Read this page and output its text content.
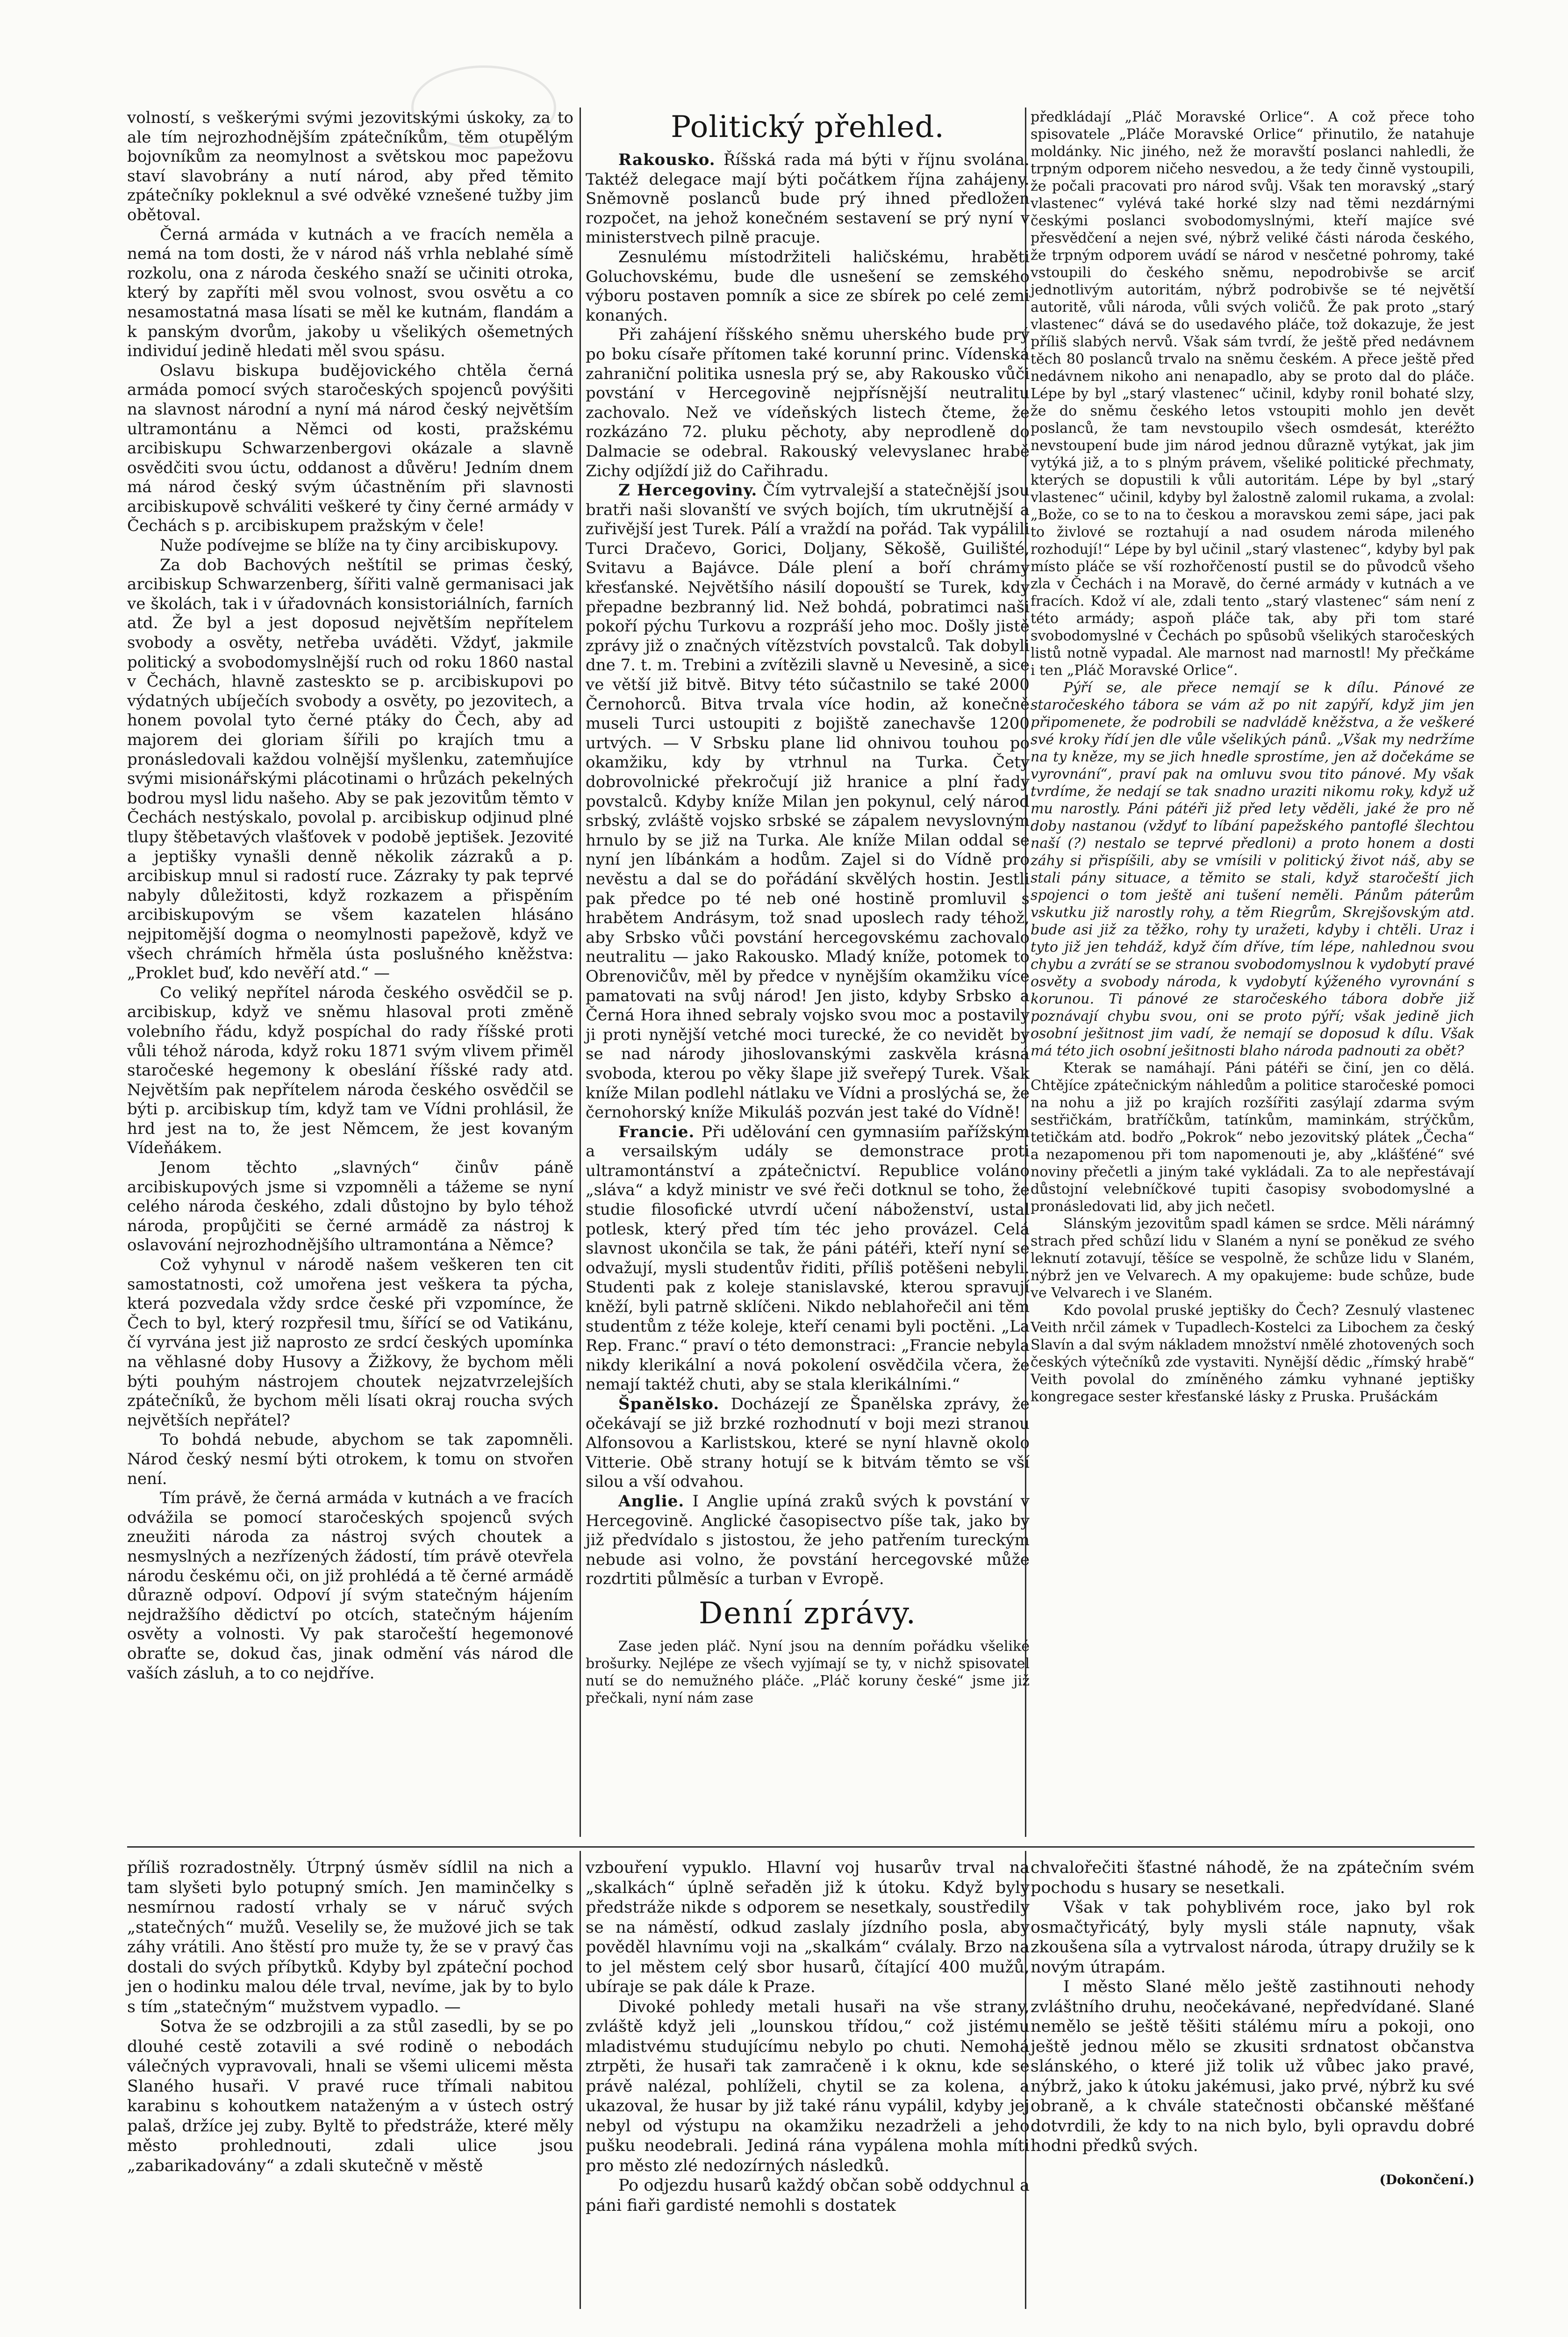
volností, s veškerými svými jezovitskými úskoky, za to ale tím nejrozhodnějším zpátečníkům, těm otupělým bojovníkům za neomylnost a světskou moc papežovu staví slavobrány a nutí národ, aby před těmito zpátečníky pokleknul a své odvěké vznešené tužby jim obětoval.

Černá armáda v kutnách a ve fracích neměla a nemá na tom dosti, že v národ náš vrhla neblahé símě rozkolu, ona z národa českého snaží se učiniti otroka, který by zapříti měl svou volnost, svou osvětu a co nesamostatná masa lísati se měl ke kutnám, flandám a k panským dvorům, jakoby u všelikých ošemetných individuí jedině hledati měl svou spásu.

Oslavu biskupa budějovického chtěla černá armáda pomocí svých staročeských spojenců povýšiti na slavnost národní a nyní má národ český největším ultramontánu a Němci od kosti, pražskému arcibiskupu Schwarzenbergovi okázale a slavně osvědčiti svou úctu, oddanost a důvěru! Jedním dnem má národ český svým účastněním při slavnosti arcibiskupově schváliti veškeré ty činy černé armády v Čechách s p. arcibiskupem pražským v čele!

Nuže podívejme se blíže na ty činy arcibiskupovy.

Za dob Bachových neštítil se primas český, arcibiskup Schwarzenberg, šířiti valně germanisaci jak ve školách, tak i v úřadovnách konsistoriálních, farních atd. Že byl a jest doposud největším nepřítelem svobody a osvěty, netřeba uváděti. Vždyť, jakmile politický a svobodomyslnější ruch od roku 1860 nastal v Čechách, hlavně zasteskto se p. arcibiskupovi po výdatných ubíječích svobody a osvěty, po jezovitech, a honem povolal tyto černé ptáky do Čech, aby ad majorem dei gloriam šířili po krajích tmu a pronásledovali každou volnější myšlenku, zatemňujíce svými misionářskými plácotinami o hrůzách pekelných bodrou mysl lidu našeho. Aby se pak jezovitům těmto v Čechách nestýskalo, povolal p. arcibiskup odjinud plné tlupy štěbetavých vlašťovek v podobě jeptišek. Jezovité a jeptišky vynašli denně několik zázraků a p. arcibiskup mnul si radostí ruce. Zázraky ty pak teprvé nabyly důležitosti, když rozkazem a přispěním arcibiskupovým se všem kazatelen hlásáno nejpitomější dogma o neomylnosti papežově, když ve všech chrámích hřměla ústa poslušného kněžstva: „Proklet buď, kdo nevěří atd.“ —

Co veliký nepřítel národa českého osvědčil se p. arcibiskup, když ve sněmu hlasoval proti změně volebního řádu, když pospíchal do rady říšské proti vůli téhož národa, když roku 1871 svým vlivem přiměl staročeské hegemony k obeslání říšské rady atd. Největším pak nepřítelem národa českého osvědčil se býti p. arcibiskup tím, když tam ve Vídni prohlásil, že hrd jest na to, že jest Němcem, že jest kovaným Vídeňákem.

Jenom těchto „slavných“ činův páně arcibiskupových jsme si vzpomněli a tážeme se nyní celého národa českého, zdali důstojno by bylo téhož národa, propůjčiti se černé armádě za nástroj k oslavování nejrozhodnějšího ultramontána a Němce?

Což vyhynul v národě našem veškeren ten cit samostatnosti, což umořena jest veškera ta pýcha, která pozvedala vždy srdce české při vzpomínce, že Čech to byl, který rozpřesil tmu, šířící se od Vatikánu, čí vyrvána jest již naprosto ze srdcí českých upomínka na věhlasné doby Husovy a Žižkovy, že bychom měli býti pouhým nástrojem choutek nejzatvrzelejších zpátečníků, že bychom měli lísati okraj roucha svých největších nepřátel?

To bohdá nebude, abychom se tak zapomněli. Národ český nesmí býti otrokem, k tomu on stvořen není.

Tím právě, že černá armáda v kutnách a ve fracích odvážila se pomocí staročeských spojenců svých zneužiti národa za nástroj svých choutek a nesmyslných a nezřízených žádostí, tím právě otevřela národu českému oči, on již prohlédá a tě černé armádě důrazně odpoví. Odpoví jí svým statečným hájením nejdražšího dědictví po otcích, statečným hájením osvěty a volnosti. Vy pak staročeští hegemonové obraťte se, dokud čas, jinak odmění vás národ dle vaších zásluh, a to co nejdříve.

Politický přehled.

Rakousko. Říšská rada má býti v říjnu svolána. Taktéž delegace mají býti počátkem října zahájeny. Sněmovně poslanců bude prý ihned předložen rozpočet, na jehož konečném sestavení se prý nyní v ministerstvech pilně pracuje.

Zesnulému místodržiteli haličskému, hraběti Goluchovskému, bude dle usnešení se zemského výboru postaven pomník a sice ze sbírek po celé zemi konaných.

Při zahájení říšského sněmu uherského bude prý po boku císaře přítomen také korunní princ. Vídenská zahraniční politika usnesla prý se, aby Rakousko vůči povstání v Hercegovině nejpřísnější neutralitu zachovalo. Než ve vídeňských listech čteme, že rozkázáno 72. pluku pěchoty, aby neprodleně do Dalmacie se odebral. Rakouský velevyslanec hrabě Zichy odjíždí již do Cařihradu.

Z Hercegoviny. Čím vytrvalejší a statečnější jsou bratři naši slovanští ve svých bojích, tím ukrutnější a zuřivější jest Turek. Pálí a vraždí na pořád. Tak vypálili Turci Dračevo, Gorici, Doljany, Sěkošě, Guilišté, Svitavu a Bajávce. Dále plení a boří chrámy křesťanské. Největšího násilí dopouští se Turek, kdy přepadne bezbranný lid. Než bohdá, pobratimci naši pokoří pýchu Turkovu a rozpráší jeho moc. Došly jistě zprávy již o značných vítězstvích povstalců. Tak dobyli dne 7. t. m. Trebini a zvítězili slavně u Nevesině, a sice ve větší již bitvě. Bitvy této súčastnilo se také 2000 Černohorců. Bitva trvala více hodin, až konečně museli Turci ustoupiti z bojiště zanechavše 1200 urtvých. — V Srbsku plane lid ohnivou touhou po okamžiku, kdy by vtrhnul na Turka. Čety dobrovolnické překročují již hranice a plní řady povstalců. Kdyby kníže Milan jen pokynul, celý národ srbský, zvláště vojsko srbské se zápalem nevyslovným hrnulo by se již na Turka. Ale kníže Milan oddal se nyní jen líbánkám a hodům. Zajel si do Vídně pro nevěstu a dal se do pořádání skvělých hostin. Jestli pak předce po té neb oné hostině promluvil s hrabětem Andrásym, tož snad uposlech rady téhož, aby Srbsko vůči povstání hercegovskému zachovalo neutralitu — jako Rakousko. Mladý kníže, potomek to Obrenovičův, měl by předce v nynějším okamžiku více pamatovati na svůj národ! Jen jisto, kdyby Srbsko a Černá Hora ihned sebraly vojsko svou moc a postavily ji proti nynější vetché moci turecké, že co nevidět by se nad národy jihoslovanskými zaskvěla krásná svoboda, kterou po věky šlape již sveřepý Turek. Však kníže Milan podlehl nátlaku ve Vídni a proslýchá se, že černohorský kníže Mikuláš pozván jest také do Vídně!

Francie. Při udělování cen gymnasiím pařížským a versailským udály se demonstrace proti ultramontánství a zpátečnictví. Republice voláno „sláva“ a když ministr ve své řeči dotknul se toho, že studie filosofické utvrdí učení náboženství, ustal potlesk, který před tím téc jeho provázel. Celá slavnost ukončila se tak, že páni pátéři, kteří nyní se odvažují, mysli studentův řiditi, příliš potěšeni nebyli. Studenti pak z koleje stanislavské, kterou spravují kněží, byli patrně sklíčeni. Nikdo neblahořečil ani těm studentům z téže koleje, kteří cenami byli poctěni. „La Rep. Franc.“ praví o této demonstraci: „Francie nebyla nikdy klerikální a nová pokolení osvědčila včera, že nemají taktéž chuti, aby se stala klerikálními.“

Španělsko. Docházejí ze Španělska zprávy, že očekávají se již brzké rozhodnutí v boji mezi stranou Alfonsovou a Karlistskou, které se nyní hlavně okolo Vitterie. Obě strany hotují se k bitvám těmto se vší silou a vší odvahou.

Anglie. I Anglie upíná zraků svých k povstání v Hercegovině. Anglické časopisectvo píše tak, jako by již předvídalo s jistostou, že jeho patřením tureckým nebude asi volno, že povstání hercegovské může rozdrtiti půlměsíc a turban v Evropě.

Denní zprávy.

Zase jeden pláč. Nyní jsou na denním pořádku všeliké brošurky. Nejlépe ze všech vyjímají se ty, v nichž spisovatel nutí se do nemužného pláče. „Pláč koruny české“ jsme již přečkali, nyní nám zase

předkládají „Pláč Moravské Orlice“. A což přece toho spisovatele „Pláče Moravské Orlice“ přinutilo, že natahuje moldánky. Nic jiného, než že moravští poslanci nahledli, že trpným odporem ničeho nesvedou, a že tedy činně vystoupili, že počali pracovati pro národ svůj. Však ten moravský „starý vlastenec“ vylévá také horké slzy nad těmi nezdárnými českými poslanci svobodomyslnými, kteří majíce své přesvědčení a nejen své, nýbrž veliké části národa českého, že trpným odporem uvádí se národ v nesčetné pohromy, také vstoupili do českého sněmu, nepodrobivše se arciť jednotlivým autoritám, nýbrž podrobivše se té největší autoritě, vůli národa, vůli svých voličů. Že pak proto „starý vlastenec“ dává se do usedavého pláče, tož dokazuje, že jest příliš slabých nervů. Však sám tvrdí, že ještě před nedávnem těch 80 poslanců trvalo na sněmu českém. A přece ještě před nedávnem nikoho ani nenapadlo, aby se proto dal do pláče. Lépe by byl „starý vlastenec“ učinil, kdyby ronil bohaté slzy, že do sněmu českého letos vstoupiti mohlo jen devět poslanců, že tam nevstoupilo všech osmdesát, kteréžto nevstoupení bude jim národ jednou důrazně vytýkat, jak jim vytýká již, a to s plným právem, všeliké politické přechmaty, kterých se dopustili k vůli autoritám. Lépe by byl „starý vlastenec“ učinil, kdyby byl žalostně zalomil rukama, a zvolal: „Bože, co se to na to českou a moravskou zemi sápe, jaci pak to živlové se roztahují a nad osudem národa mileného rozhodují!“ Lépe by byl učinil „starý vlastenec“, kdyby byl pak místo pláče se vší rozhořčeností pustil se do původců všeho zla v Čechách i na Moravě, do černé armády v kutnách a ve fracích. Kdož ví ale, zdali tento „starý vlastenec“ sám není z této armády; aspoň pláče tak, aby při tom staré svobodomyslné v Čechách po spůsobů všelikých staročeských listů notně vypadal. Ale marnost nad marnostl! My přečkáme i ten „Pláč Moravské Orlice“.

Pýří se, ale přece nemají se k dílu. Pánové ze staročeského tábora se vám až po nit zapýří, když jim jen připomenete, že podrobili se nadvládě kněžstva, a že veškeré své kroky řídí jen dle vůle všelikých pánů. „Však my nedržíme na ty kněze, my se jich hnedle sprostíme, jen až dočekáme se vyrovnání“, praví pak na omluvu svou tito pánové. My však tvrdíme, že nedají se tak snadno uraziti nikomu roky, když už mu narostly. Páni pátéři již před lety věděli, jaké že pro ně doby nastanou (vždyť to líbání papežského pantoflé šlechtou naší (?) nestalo se teprvé předloni) a proto honem a dosti záhy si přispíšili, aby se vmísili v politický život náš, aby se stali pány situace, a těmito se stali, když staročeští jich spojenci o tom ještě ani tušení neměli. Pánům páterům vskutku již narostly rohy, a těm Riegrům, Skrejšovským atd. bude asi již za těžko, rohy ty uražeti, kdyby i chtěli. Uraz i tyto již jen tehdáž, když čím dříve, tím lépe, nahlednou svou chybu a zvrátí se se stranou svobodomyslnou k vydobytí pravé osvěty a svobody národa, k vydobytí kýženého vyrovnání s korunou. Ti pánové ze staročeského tábora dobře již poznávají chybu svou, oni se proto pýří; však jedině jich osobní ješitnost jim vadí, že nemají se doposud k dílu. Však má této jich osobní ješitnosti blaho národa padnouti za obět?

Kterak se namáhají. Páni pátéři se činí, jen co dělá. Chtějíce zpátečnickým náhledům a politice staročeské pomoci na nohu a již po krajích rozšířiti zasýlají zdarma svým sestřičkám, bratříčkům, tatínkům, maminkám, strýčkům, tetičkám atd. bodřo „Pokrok“ nebo jezovitský plátek „Čecha“ a nezapomenou při tom napomenouti je, aby „klášťéné“ své noviny přečetli a jiným také vykládali. Za to ale nepřestávají důstojní velebníčkové tupiti časopisy svobodomyslné a pronásledovati lid, aby jich nečetl.

Slánským jezovitům spadl kámen se srdce. Měli nárámný strach před schůzí lidu v Slaném a nyní se poněkud ze svého leknutí zotavují, těšíce se vespolně, že schůze lidu v Slaném, nýbrž jen ve Velvarech. A my opakujeme: bude schůze, bude ve Velvarech i ve Slaném.

Kdo povolal pruské jeptišky do Čech? Zesnulý vlastenec Veith nrčil zámek v Tupadlech-Kostelci za Libochem za český Slavín a dal svým nákladem množství nmělé zhotovených soch českých výtečníků zde vystaviti. Nynější dědic „římský hrabě“ Veith povolal do zmíněného zámku vyhnané jeptišky kongregace sester křesťanské lásky z Pruska. Prušáckám

příliš rozradostněly. Útrpný úsměv sídlil na nich a tam slyšeti bylo potupný smích. Jen maminčelky s nesmírnou radostí vrhaly se v náruč svých „statečných“ mužů. Veselily se, že mužové jich se tak záhy vrátili. Ano štěstí pro muže ty, že se v pravý čas dostali do svých příbytků. Kdyby byl zpáteční pochod jen o hodinku malou déle trval, nevíme, jak by to bylo s tím „statečným“ mužstvem vypadlo. —

Sotva že se odzbrojili a za stůl zasedli, by se po dlouhé cestě zotavili a své rodině o nebodách válečných vypravovali, hnali se všemi ulicemi města Slaného husaři. V pravé ruce třímali nabitou karabinu s kohoutkem nataženým a v ústech ostrý palaš, držíce jej zuby. Byltě to předstráže, které měly město prohlednouti, zdali ulice jsou „zabarikadovány“ a zdali skutečně v městě

vzbouření vypuklo. Hlavní voj husarův trval na „skalkách“ úplně seřaděn již k útoku. Když byly předstráže nikde s odporem se nesetkaly, soustředily se na náměstí, odkud zaslaly jízdního posla, aby pověděl hlavnímu voji na „skalkám“ cválaly. Brzo na to jel městem celý sbor husarů, čítající 400 mužů, ubíraje se pak dále k Praze.

Divoké pohledy metali husaři na vše strany, zvláště když jeli „lounskou třídou,“ což jistému mladistvému studujícímu nebylo po chuti. Nemohá ztrpěti, že husaři tak zamračeně i k oknu, kde se právě nalézal, pohlíželi, chytil se za kolena, a ukazoval, že husar by již také ránu vypálil, kdyby jej nebyl od výstupu na okamžiku nezadrželi a jeho pušku neodebrali. Jediná rána vypálena mohla míti pro město zlé nedozírných následků.

Po odjezdu husarů každý občan sobě oddychnul a páni fiaři gardisté nemohli s dostatek

chvalořečiti šťastné náhodě, že na zpátečním svém pochodu s husary se nesetkali.

Však v tak pohyblivém roce, jako byl rok osmačtyřicátý, byly mysli stále napnuty, však zkoušena síla a vytrvalost národa, útrapy družily se k novým útrapám.

I město Slané mělo ještě zastihnouti nehody zvláštního druhu, neočekávané, nepředvídané. Slané nemělo se ještě těšiti stálému míru a pokoji, ono ještě jednou mělo se zkusiti srdnatost občanstva slánského, o které již tolik už vůbec jako pravé, nýbrž, jako k útoku jakémusi, jako prvé, nýbrž ku své obraně, a k chvále statečnosti občanské měšťané dotvrdili, že kdy to na nich bylo, byli opravdu dobré hodni předků svých.

(Dokončení.)
